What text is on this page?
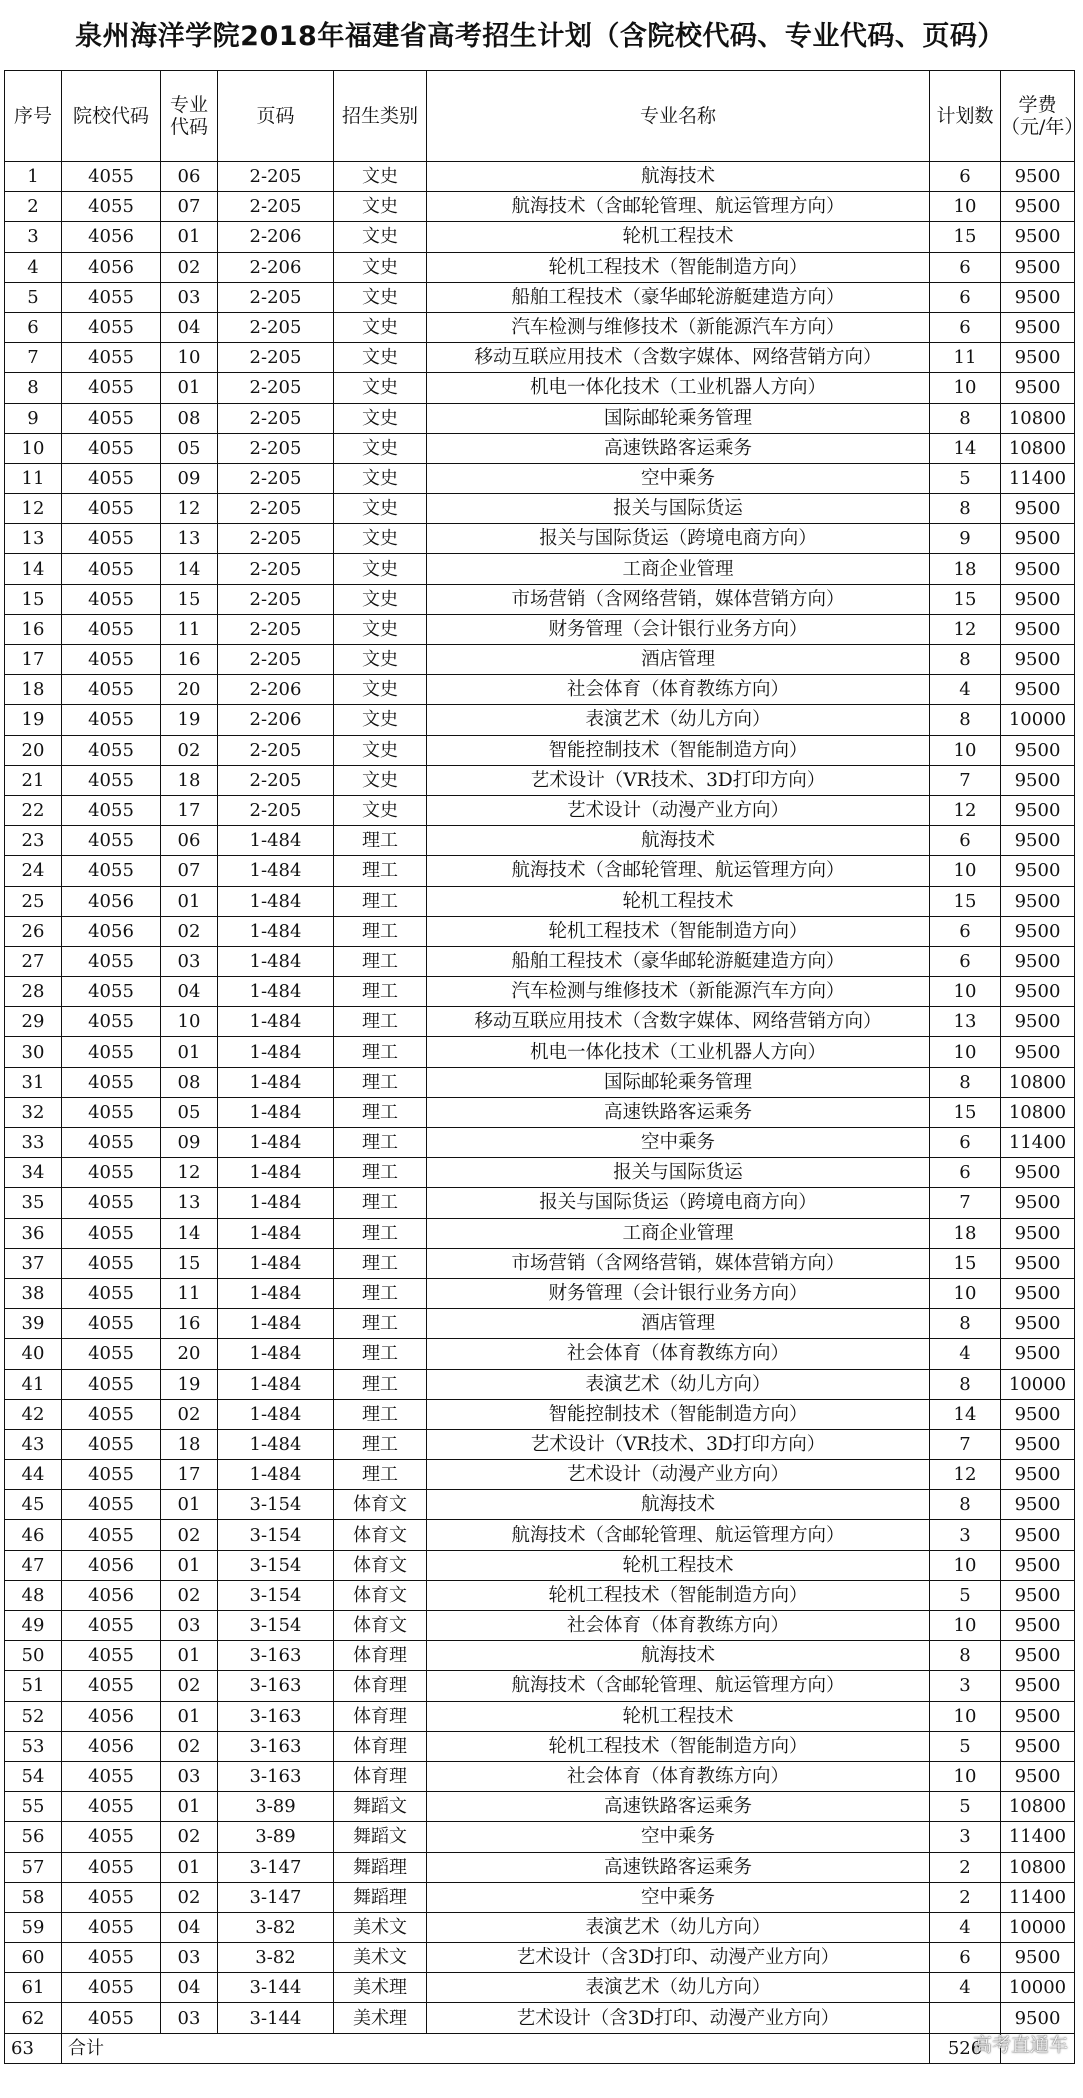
泉州海洋学院2018年福建省高考招生计划（含院校代码、专业代码、页码）
序号	院校代码	专业代码	页码	招生类别	专业名称	计划数	学费（元/年）
1	4055	06	2-205	文史	航海技术	6	9500
2	4055	07	2-205	文史	航海技术（含邮轮管理、航运管理方向）	10	9500
3	4056	01	2-206	文史	轮机工程技术	15	9500
4	4056	02	2-206	文史	轮机工程技术（智能制造方向）	6	9500
5	4055	03	2-205	文史	船舶工程技术（豪华邮轮游艇建造方向）	6	9500
6	4055	04	2-205	文史	汽车检测与维修技术（新能源汽车方向）	6	9500
7	4055	10	2-205	文史	移动互联应用技术（含数字媒体、网络营销方向）	11	9500
8	4055	01	2-205	文史	机电一体化技术（工业机器人方向）	10	9500
9	4055	08	2-205	文史	国际邮轮乘务管理	8	10800
10	4055	05	2-205	文史	高速铁路客运乘务	14	10800
11	4055	09	2-205	文史	空中乘务	5	11400
12	4055	12	2-205	文史	报关与国际货运	8	9500
13	4055	13	2-205	文史	报关与国际货运（跨境电商方向）	9	9500
14	4055	14	2-205	文史	工商企业管理	18	9500
15	4055	15	2-205	文史	市场营销（含网络营销，媒体营销方向）	15	9500
16	4055	11	2-205	文史	财务管理（会计银行业务方向）	12	9500
17	4055	16	2-205	文史	酒店管理	8	9500
18	4055	20	2-206	文史	社会体育（体育教练方向）	4	9500
19	4055	19	2-206	文史	表演艺术（幼儿方向）	8	10000
20	4055	02	2-205	文史	智能控制技术（智能制造方向）	10	9500
21	4055	18	2-205	文史	艺术设计（VR技术、3D打印方向）	7	9500
22	4055	17	2-205	文史	艺术设计（动漫产业方向）	12	9500
23	4055	06	1-484	理工	航海技术	6	9500
24	4055	07	1-484	理工	航海技术（含邮轮管理、航运管理方向）	10	9500
25	4056	01	1-484	理工	轮机工程技术	15	9500
26	4056	02	1-484	理工	轮机工程技术（智能制造方向）	6	9500
27	4055	03	1-484	理工	船舶工程技术（豪华邮轮游艇建造方向）	6	9500
28	4055	04	1-484	理工	汽车检测与维修技术（新能源汽车方向）	10	9500
29	4055	10	1-484	理工	移动互联应用技术（含数字媒体、网络营销方向）	13	9500
30	4055	01	1-484	理工	机电一体化技术（工业机器人方向）	10	9500
31	4055	08	1-484	理工	国际邮轮乘务管理	8	10800
32	4055	05	1-484	理工	高速铁路客运乘务	15	10800
33	4055	09	1-484	理工	空中乘务	6	11400
34	4055	12	1-484	理工	报关与国际货运	6	9500
35	4055	13	1-484	理工	报关与国际货运（跨境电商方向）	7	9500
36	4055	14	1-484	理工	工商企业管理	18	9500
37	4055	15	1-484	理工	市场营销（含网络营销，媒体营销方向）	15	9500
38	4055	11	1-484	理工	财务管理（会计银行业务方向）	10	9500
39	4055	16	1-484	理工	酒店管理	8	9500
40	4055	20	1-484	理工	社会体育（体育教练方向）	4	9500
41	4055	19	1-484	理工	表演艺术（幼儿方向）	8	10000
42	4055	02	1-484	理工	智能控制技术（智能制造方向）	14	9500
43	4055	18	1-484	理工	艺术设计（VR技术、3D打印方向）	7	9500
44	4055	17	1-484	理工	艺术设计（动漫产业方向）	12	9500
45	4055	01	3-154	体育文	航海技术	8	9500
46	4055	02	3-154	体育文	航海技术（含邮轮管理、航运管理方向）	3	9500
47	4056	01	3-154	体育文	轮机工程技术	10	9500
48	4056	02	3-154	体育文	轮机工程技术（智能制造方向）	5	9500
49	4055	03	3-154	体育文	社会体育（体育教练方向）	10	9500
50	4055	01	3-163	体育理	航海技术	8	9500
51	4055	02	3-163	体育理	航海技术（含邮轮管理、航运管理方向）	3	9500
52	4056	01	3-163	体育理	轮机工程技术	10	9500
53	4056	02	3-163	体育理	轮机工程技术（智能制造方向）	5	9500
54	4055	03	3-163	体育理	社会体育（体育教练方向）	10	9500
55	4055	01	3-89	舞蹈文	高速铁路客运乘务	5	10800
56	4055	02	3-89	舞蹈文	空中乘务	3	11400
57	4055	01	3-147	舞蹈理	高速铁路客运乘务	2	10800
58	4055	02	3-147	舞蹈理	空中乘务	2	11400
59	4055	04	3-82	美术文	表演艺术（幼儿方向）	4	10000
60	4055	03	3-82	美术文	艺术设计（含3D打印、动漫产业方向）	6	9500
61	4055	04	3-144	美术理	表演艺术（幼儿方向）	4	10000
62	4055	03	3-144	美术理	艺术设计（含3D打印、动漫产业方向）		9500
63	合计					526	
高考直通车
